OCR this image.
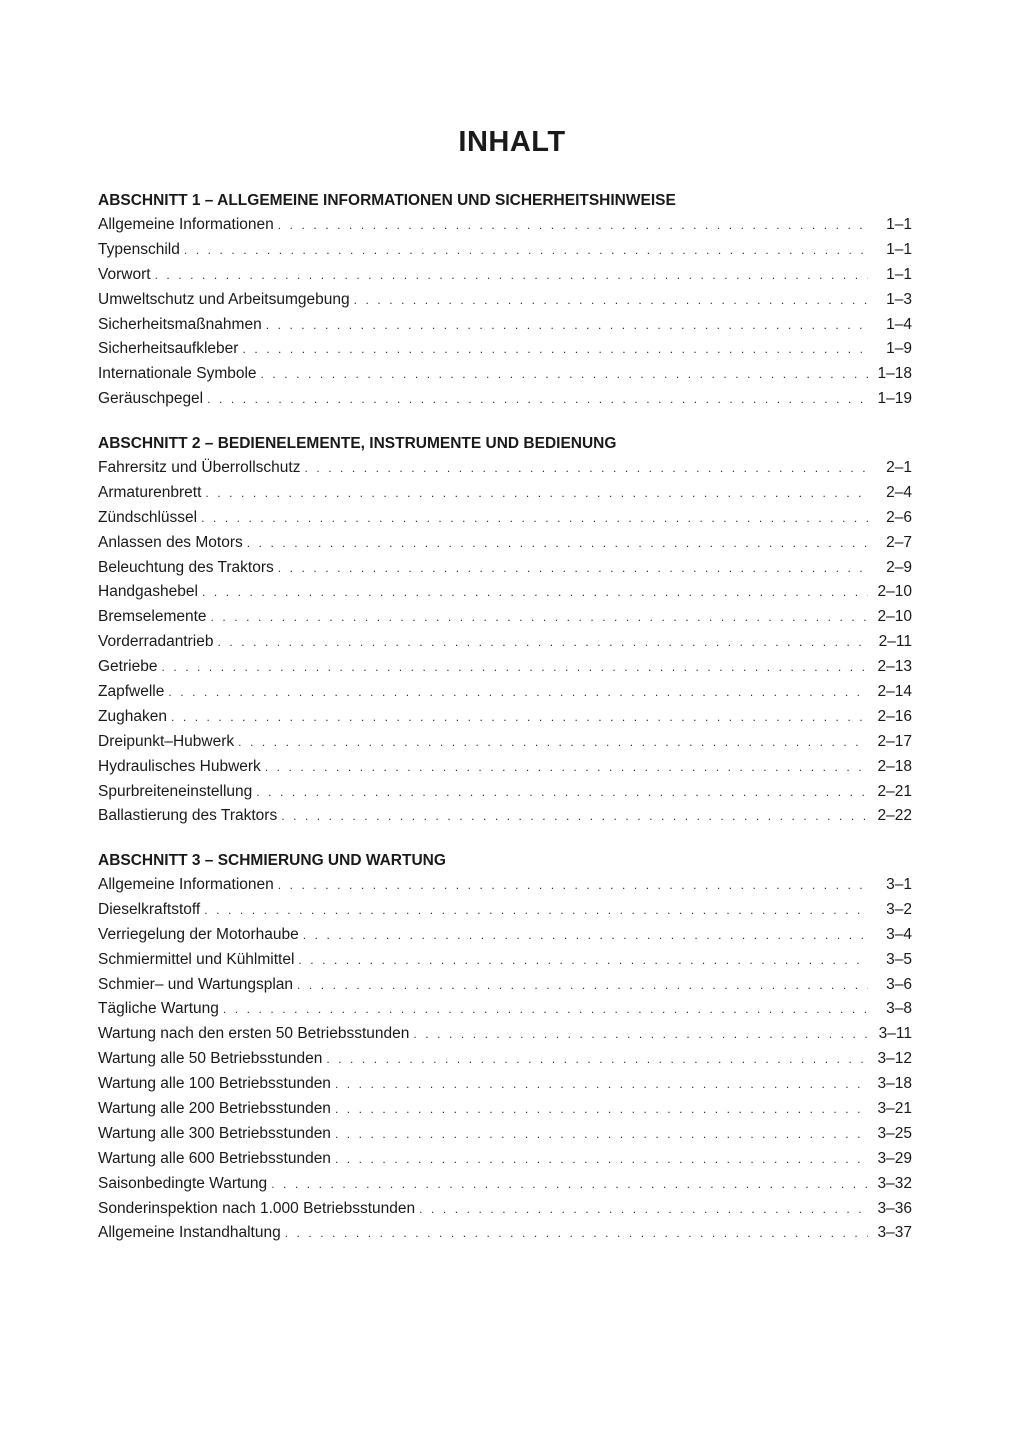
INHALT
ABSCHNITT 1 – ALLGEMEINE INFORMATIONEN UND SICHERHEITSHINWEISE
Allgemeine Informationen . . .	1–1
Typenschild . . .	1–1
Vorwort . . .	1–1
Umweltschutz und Arbeitsumgebung . . .	1–3
Sicherheitsmaßnahmen . . .	1–4
Sicherheitsaufkleber . . .	1–9
Internationale Symbole . . .	1–18
Geräuschpegel . . .	1–19
ABSCHNITT 2 – BEDIENELEMENTE, INSTRUMENTE UND BEDIENUNG
Fahrersitz und Überrollschutz . . .	2–1
Armaturenbrett . . .	2–4
Zündschlüssel . . .	2–6
Anlassen des Motors . . .	2–7
Beleuchtung des Traktors . . .	2–9
Handgashebel . . .	2–10
Bremselemente . . .	2–10
Vorderradantrieb . . .	2–11
Getriebe . . .	2–13
Zapfwelle . . .	2–14
Zughaken . . .	2–16
Dreipunkt–Hubwerk . . .	2–17
Hydraulisches Hubwerk . . .	2–18
Spurbreiteneinstellung . . .	2–21
Ballastierung des Traktors . . .	2–22
ABSCHNITT 3 – SCHMIERUNG UND WARTUNG
Allgemeine Informationen . . .	3–1
Dieselkraftstoff . . .	3–2
Verriegelung der Motorhaube . . .	3–4
Schmiermittel und Kühlmittel . . .	3–5
Schmier– und Wartungsplan . . .	3–6
Tägliche Wartung . . .	3–8
Wartung nach den ersten 50 Betriebsstunden . . .	3–11
Wartung alle 50 Betriebsstunden . . .	3–12
Wartung alle 100 Betriebsstunden . . .	3–18
Wartung alle 200 Betriebsstunden . . .	3–21
Wartung alle 300 Betriebsstunden . . .	3–25
Wartung alle 600 Betriebsstunden . . .	3–29
Saisonbedingte Wartung . . .	3–32
Sonderinspektion nach 1.000 Betriebsstunden . . .	3–36
Allgemeine Instandhaltung . . .	3–37
